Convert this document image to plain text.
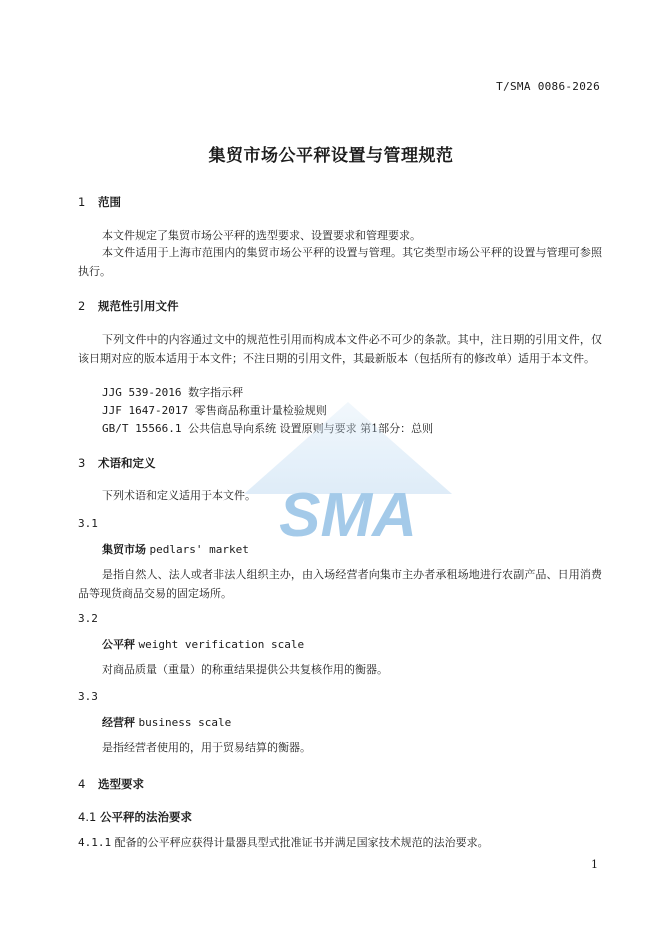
T/SMA 0086-2026
集贸市场公平秤设置与管理规范
1 范围
本文件规定了集贸市场公平秤的选型要求、设置要求和管理要求。
本文件适用于上海市范围内的集贸市场公平秤的设置与管理。其它类型市场公平秤的设置与管理可参照执行。
2 规范性引用文件
下列文件中的内容通过文中的规范性引用而构成本文件必不可少的条款。其中，注日期的引用文件，仅该日期对应的版本适用于本文件；不注日期的引用文件，其最新版本（包括所有的修改单）适用于本文件。
JJG 539-2016 数字指示秤
JJF 1647-2017 零售商品称重计量检验规则
GB/T 15566.1 公共信息导向系统 设置原则与要求 第1部分：总则
3 术语和定义
下列术语和定义适用于本文件。
3.1
集贸市场 pedlars' market
是指自然人、法人或者非法人组织主办，由入场经营者向集市主办者承租场地进行农副产品、日用消费品等现货商品交易的固定场所。
3.2
公平秤 weight verification scale
对商品质量（重量）的称重结果提供公共复核作用的衡器。
3.3
经营秤 business scale
是指经营者使用的，用于贸易结算的衡器。
4 选型要求
4.1 公平秤的法治要求
4.1.1 配备的公平秤应获得计量器具型式批准证书并满足国家技术规范的法治要求。
1
SMA
